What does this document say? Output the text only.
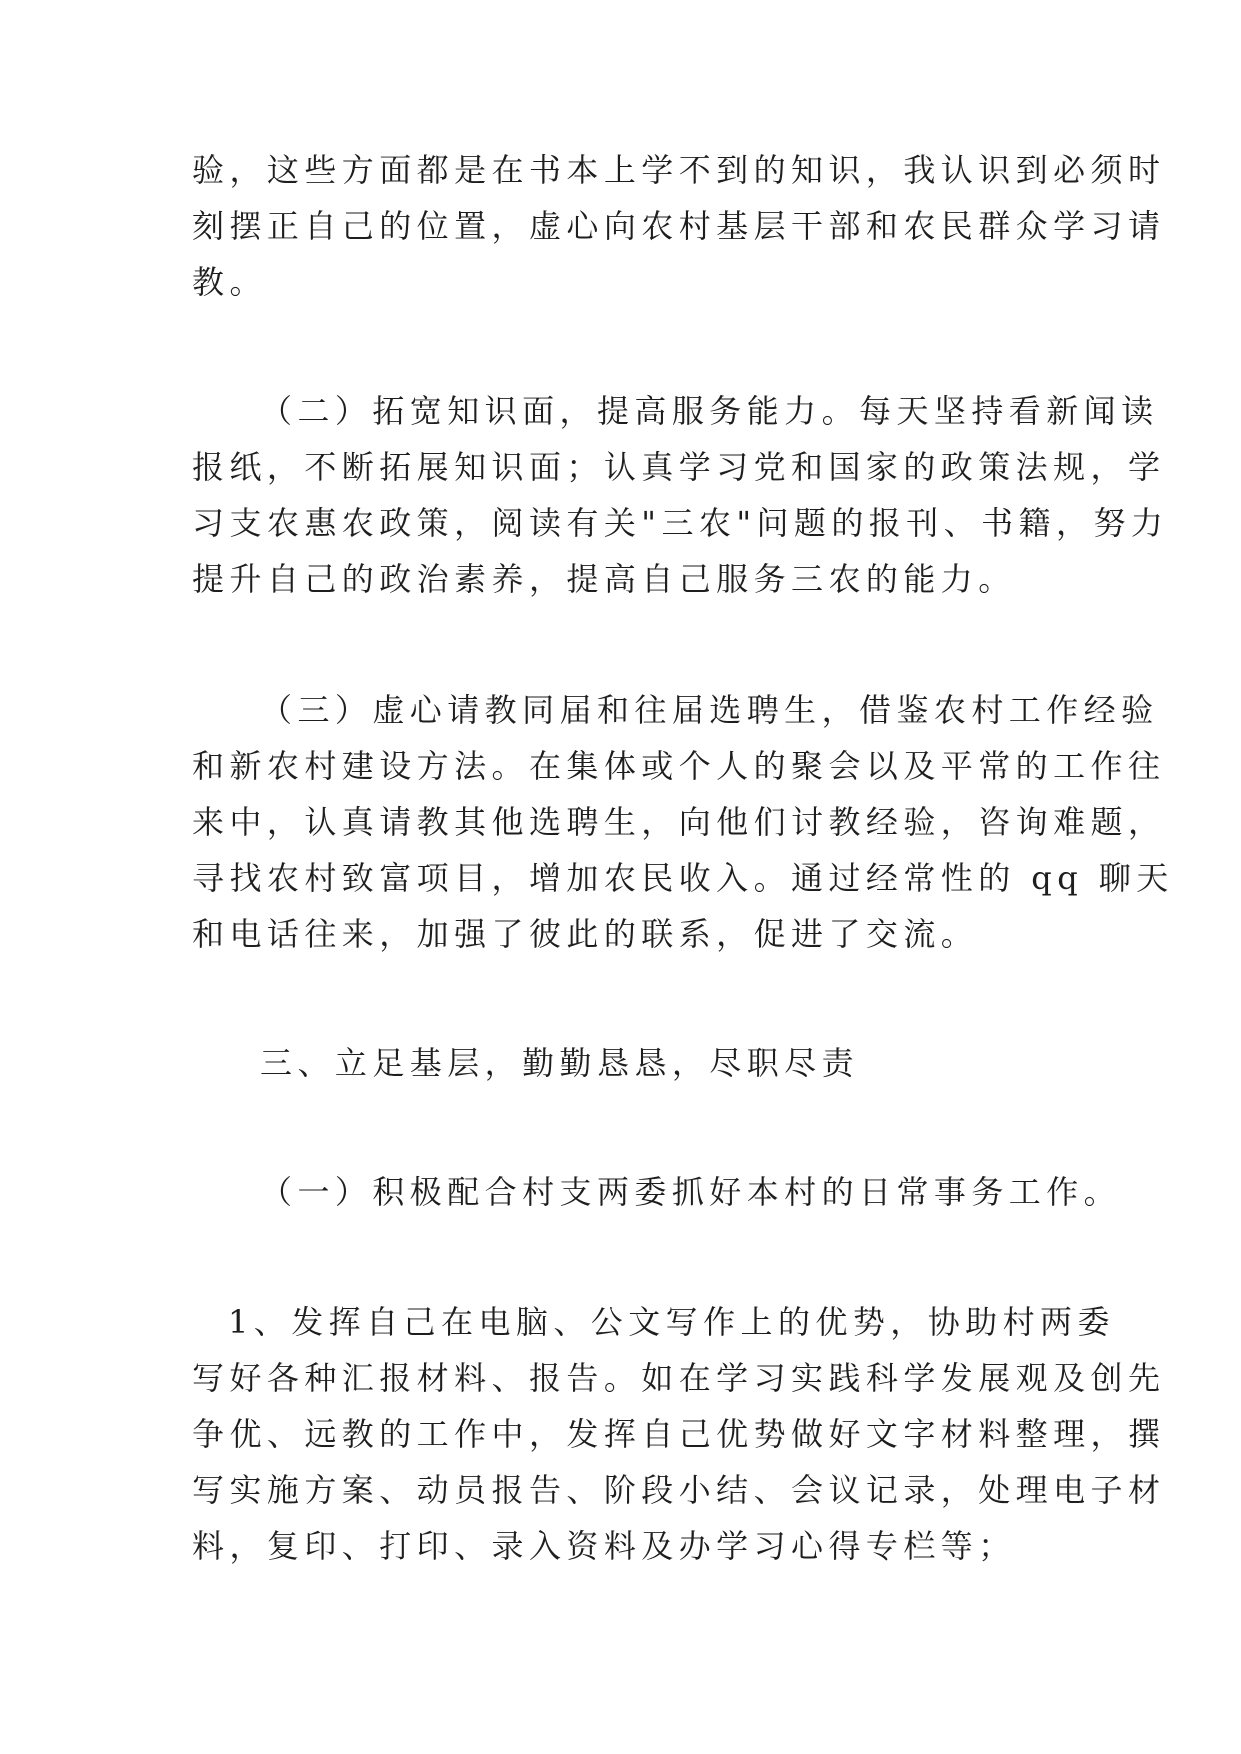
验，这些方面都是在书本上学不到的知识，我认识到必须时
刻摆正自己的位置，虚心向农村基层干部和农民群众学习请
教。
（二）拓宽知识面，提高服务能力。每天坚持看新闻读
报纸，不断拓展知识面；认真学习党和国家的政策法规，学
习支农惠农政策，阅读有关"三农"问题的报刊、书籍，努力
提升自己的政治素养，提高自己服务三农的能力。
（三）虚心请教同届和往届选聘生，借鉴农村工作经验
和新农村建设方法。在集体或个人的聚会以及平常的工作往
来中，认真请教其他选聘生，向他们讨教经验，咨询难题，
寻找农村致富项目，增加农民收入。通过经常性的 qq 聊天
和电话往来，加强了彼此的联系，促进了交流。
三、立足基层，勤勤恳恳，尽职尽责
（一）积极配合村支两委抓好本村的日常事务工作。
1、发挥自己在电脑、公文写作上的优势，协助村两委
写好各种汇报材料、报告。如在学习实践科学发展观及创先
争优、远教的工作中，发挥自己优势做好文字材料整理，撰
写实施方案、动员报告、阶段小结、会议记录，处理电子材
料，复印、打印、录入资料及办学习心得专栏等；
